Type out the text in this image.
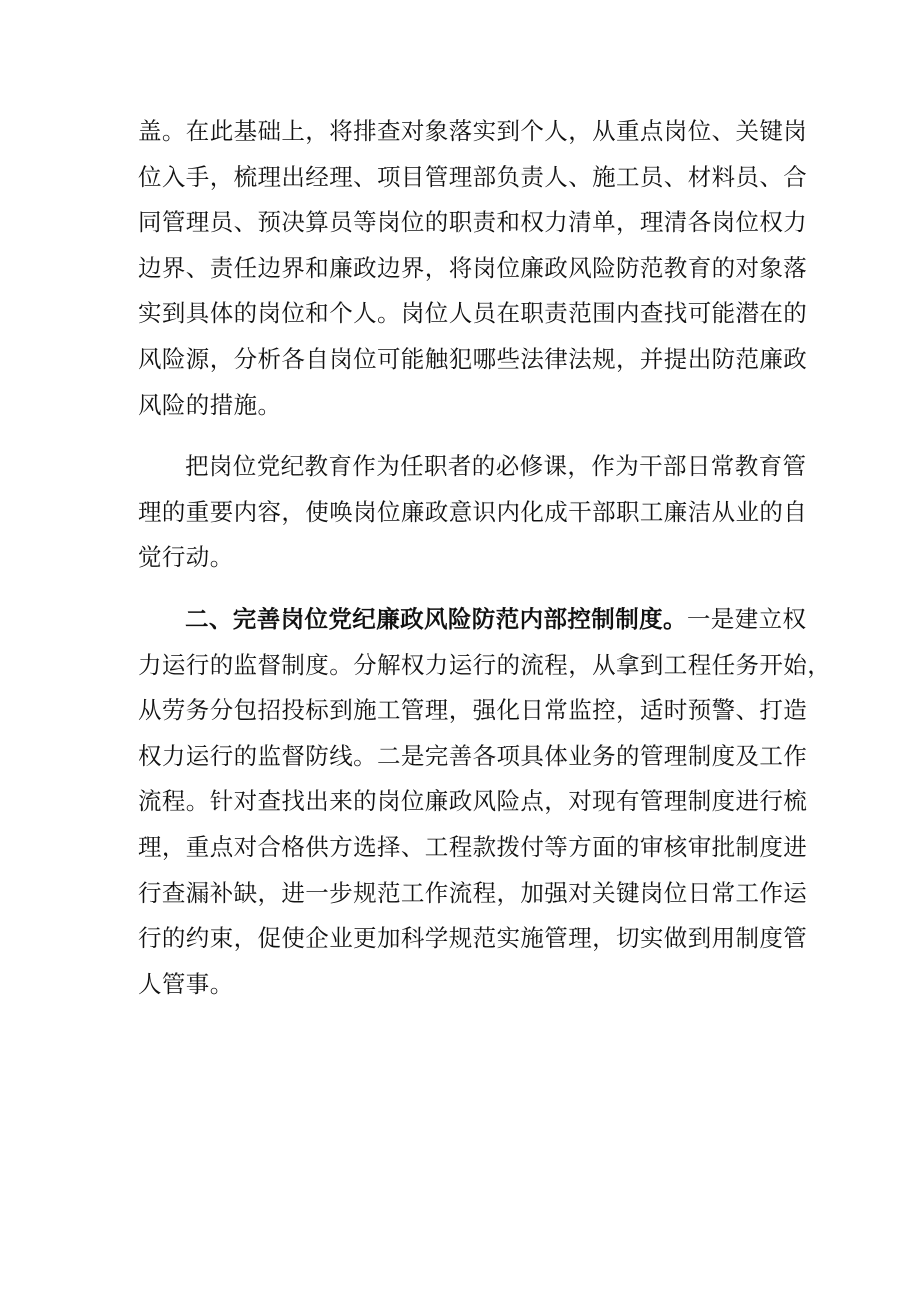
盖。在此基础上，将排查对象落实到个人，从重点岗位、关键岗
位入手，梳理出经理、项目管理部负责人、施工员、材料员、合
同管理员、预决算员等岗位的职责和权力清单，理清各岗位权力
边界、责任边界和廉政边界，将岗位廉政风险防范教育的对象落
实到具体的岗位和个人。岗位人员在职责范围内查找可能潜在的
风险源，分析各自岗位可能触犯哪些法律法规，并提出防范廉政
风险的措施。
把岗位党纪教育作为任职者的必修课，作为干部日常教育管
理的重要内容，使唤岗位廉政意识内化成干部职工廉洁从业的自
觉行动。
二、完善岗位党纪廉政风险防范内部控制制度。一是建立权
力运行的监督制度。分解权力运行的流程，从拿到工程任务开始，
从劳务分包招投标到施工管理，强化日常监控，适时预警、打造
权力运行的监督防线。二是完善各项具体业务的管理制度及工作
流程。针对查找出来的岗位廉政风险点，对现有管理制度进行梳
理，重点对合格供方选择、工程款拨付等方面的审核审批制度进
行查漏补缺，进一步规范工作流程，加强对关键岗位日常工作运
行的约束，促使企业更加科学规范实施管理，切实做到用制度管
人管事。
